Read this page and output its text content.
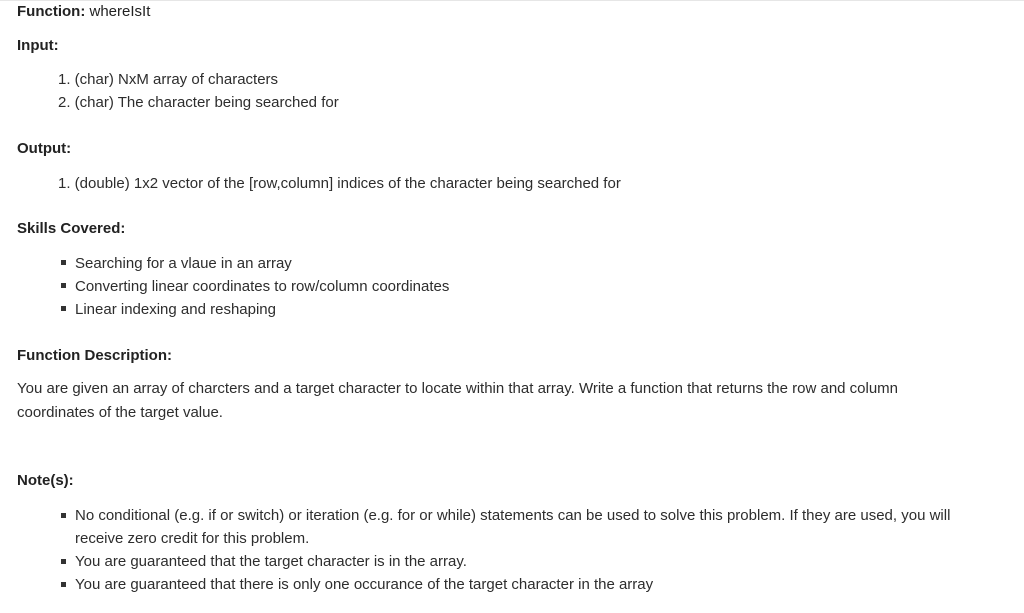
Function: whereIsIt
Input:
1. (char) NxM array of characters
2. (char) The character being searched for
Output:
1. (double) 1x2 vector of the [row,column] indices of the character being searched for
Skills Covered:
Searching for a vlaue in an array
Converting linear coordinates to row/column coordinates
Linear indexing and reshaping
Function Description:
You are given an array of charcters and a target character to locate within that array. Write a function that returns the row and column coordinates of the target value.
Note(s):
No conditional (e.g. if or switch) or iteration (e.g. for or while) statements can be used to solve this problem. If they are used, you will receive zero credit for this problem.
You are guaranteed that the target character is in the array.
You are guaranteed that there is only one occurance of the target character in the array
